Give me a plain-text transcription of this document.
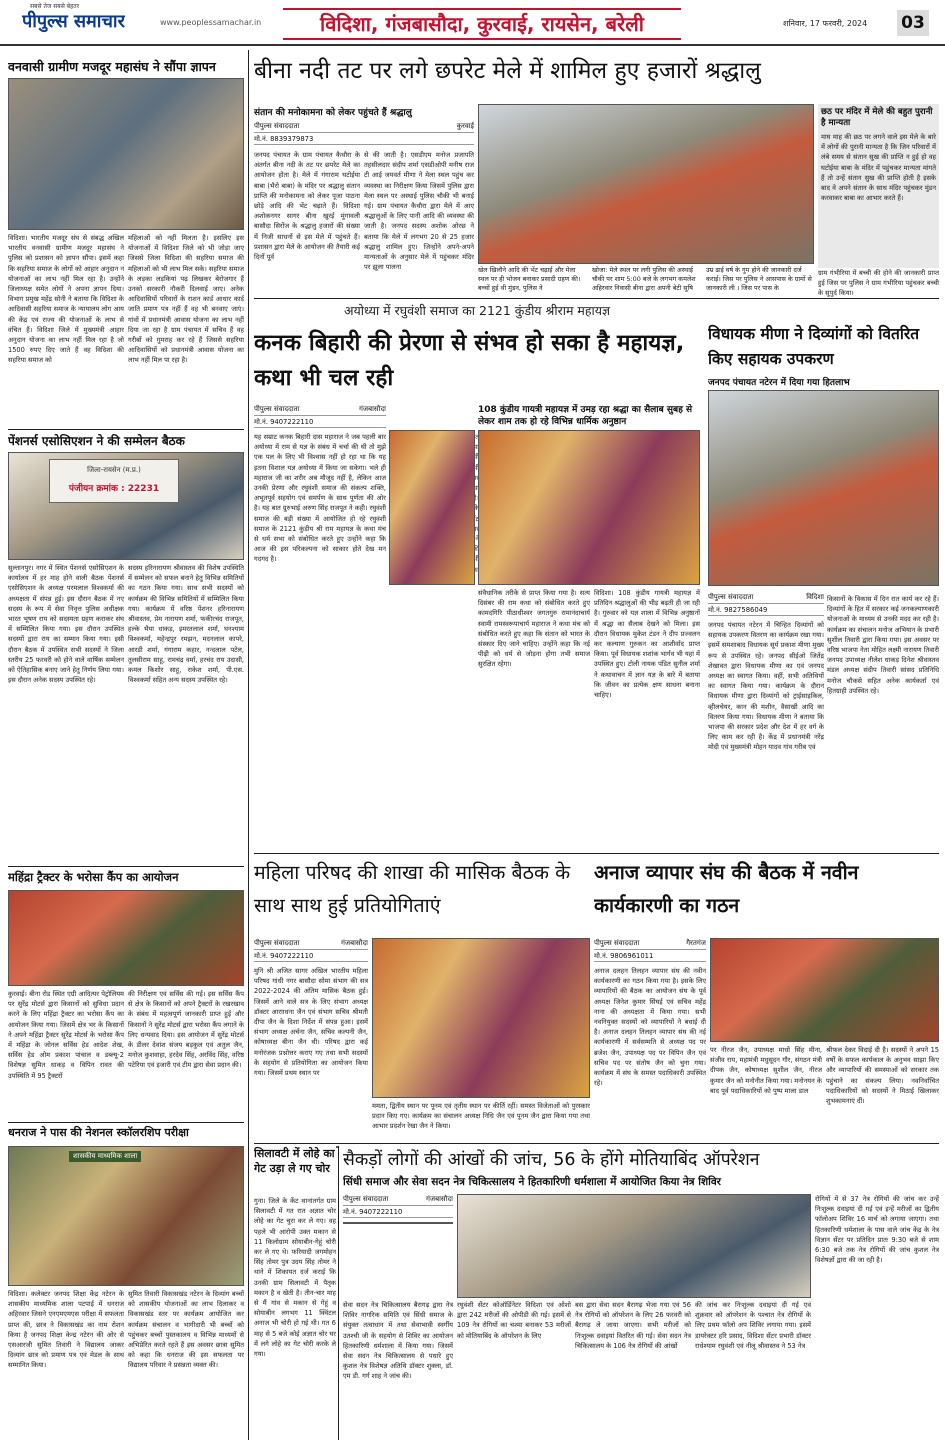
सबसे तेज सबसे बेहतर
पीपुल्स समाचार	www.peoplessamachar.in	विदिशा, गंजबासौदा, कुरवाई, रायसेन, बरेली	शनिवार, 17 फरवरी, 2024 03
वनवासी ग्रामीण मजदूर महासंघ ने सौंपा ज्ञापन
विदिशा। भारतीय मजदूर संघ से संबद्ध अखिल भारतीय वनवासी ग्रामीण मजदूर महासंघ ने पुलिस को प्रशासन को ज्ञापन सौंपा। इसमें कहा कि सहरिया समाज के लोगों को आहार अनुदान न योजनाओं का लाभ नहीं मिल रहा है। उन्होंने जिलाध्यक्ष समेत लोगों ने अपना ज्ञापन दिया। विभाग प्रमुख महेंद्र सोनी ने बताया कि विदिशा के आदिवासी सहरिया समाज के न्यायालय लोग आय की केंद्र एवं राज्य की योजनाओं के लाभ से वंचित हैं। विदिशा जिले में मुख्यमंत्री आहार अनुदान योजना का लाभ नहीं मिल रहा है जो 1500 रुपए दिए जाते हैं वह विदिशा की सहरिया समाज को
महिलाओं को नहीं मिलता है। इसलिए इस योजनाओं में विदिशा जिले को भी जोड़ा जाए जिससे जिला विदिशा की सहरिया समाज की महिलाओं को भी लाभ मिल सके। सहरिया समाज के लड़का लड़कियां पढ़ लिखकर बेरोजगार हैं उनको सरकारी नौकरी दिलवाई जाए। अनेक आदिवासियों परिवारों के राशन कार्ड आधार कार्ड जाति प्रमाण पत्र नहीं हैं वह भी बनवाए जाएं। गांवों में प्रधानमंत्री आवास योजना का लाभ नहीं दिया जा रहा है ग्राम पंचायत में सचिव हैं वह गरीबों को गुमराह कर रहे हैं जिससे सहरिया आदिवासियों को प्रधानमंत्री आवास योजना का लाभ नहीं मिल पा रहा है।
पेंशनर्स एसोसिएशन ने की सम्मेलन बैठक
जिला-रायसेन (म.प्र.)
पंजीयन क्रमांक : 22231
सुल्तानपुर। नगर में स्थित पेंशनर्स एसोसिएशन के कार्यालय में हर माह होने वाली बैठक पेंशनर्स एसोसिएशन के अध्यक्ष परमलाल विश्वकर्मा की अध्यक्षता में संपन्न हुई। इस दौरान बैठक में नए सदस्य के रूप में सेवा निवृत्त पुलिस अधीक्षक भारत भूषण राय को सदस्यता ग्रहण कराकर संघ में सम्मिलित किया गया। इस दौरान उपस्थित सदस्यों द्वारा राय का सम्मान किया गया। इसी दौरान बैठक में उपस्थित सभी सदस्यों ने जिला स्तरीय 25 फरवरी को होने वाले वार्षिक सम्मेलन को ऐतिहासिक बनाए जाने हेतु निर्णय लिया गया। इस दौरान अनेक सदस्य उपस्थित रहे।
सदस्य हरिनारायण श्रीवास्तव की विशेष उपस्थिति में सम्मेलन को सफल बनाने हेतु विभिन्न समितियों का गठन किया गया। साथ सभी सदस्यों को कार्यक्रम की विभिन्न समितियों में सम्मिलित किया गया। कार्यक्रम में वरिष्ठ पेंशनर हरिनारायण श्रीवास्तव, प्रेम नारायण शर्मा, फकीरचंद राजपूत, हल्के भैया धाकड़, इमरतलाल शर्मा, घनश्याम विश्वकर्मा, महेन्द्रपुर रमझन, मदनलाल कापरे, आरडी शर्मा, गंगाराम कहार, नन्दलाल पटेल, तुलसीराम साहू, रामचंद्र वर्मा, हरचंद राय उदासी, कमल किशोर साहू, राकेश शर्मा, पी.एस. विश्वकर्मा सहित अन्य सदस्य उपस्थित रहे।
महिंद्रा ट्रैक्टर के भरोसा कैंप का आयोजन
कुरवाई। बीना रोड स्थित एग्री आदित्यर पेट्रोलियम पर सुरेंद्र मोटर्स द्वारा किसानों को सुविधा प्रदान करने के लिए महिंद्रा ट्रैक्टर का भरोसा कैंप का आयोजन किया गया। जिसमें क्षेत्र भर के किसानों ने अपने महिंद्रा ट्रैक्टर सुरेंद्र मोटर्स के भरोसा कैंप में महिंद्रा के जोनल सर्विस हेड आदेश शेख, सर्विस हेड ओम प्रकाश पांचाल व डब्ल्यू-2 विशेषज्ञ सुमित धाकड़ व विपिन रावत की उपस्थिति में 95 ट्रैक्टरों
की निरीक्षण एवं सर्विस की गई। इस सर्विस कैंप से क्षेत्र के किसानों को अपने ट्रैक्टरों के रखरखाव के संबंध में महत्वपूर्ण जानकारी प्राप्त हुई और किसानों ने सुरेंद्र मोटर्स द्वारा भरोसा कैंप लगाने के लिए धन्यवाद दिया। इस आयोजन में सुरेंद्र मोटर्स के डीलर देवांश संजय बड़कुल एवं अतुल जैन, मनोज कुशवाहा, हरदेव सिंह, अरविंद सिंह, वरिष्ठ पटेरिया एवं इजारी एवं टीम द्वारा सेवा प्रदान की।
धनराज ने पास की नेशनल स्कॉलरशिप परीक्षा
शासकीय माध्यमिक शाला
विदिशा। कलेक्टर जनपद शिक्षा केंद्र नटेरन के शासकीय माध्यमिक शाला पटपाई में धनराज अहिरवार जिसने एनएमएमएस परीक्षा में सफलता प्राप्त की, छात्र ने विकासखंड का नाम रोशन किया है जनपद शिक्षा केन्द्र नटेरन की ओर से एसआरजी सुमित तिवारी ने विद्यालय जाकर दिव्यांग छात्र को प्रमाण पत्र एवं मेडल के साथ सम्मानित किया।
सुमित तिवारी विकासखंड नटेरन के दिव्यांग बच्चों को शासकीय योजनाओं का लाभ दिलाकर व विकासखंड स्तर पर कार्यक्रम आयोजित कर कार्यक्रम संचालन व भागीदारी भी बच्चों को पहुंचकर बच्चों पुस्तकालय व विभिन्न माध्यमों से अभिप्रेरित करते रहते हैं इस अवसर छात्रा सुमित को कहा कि धनराज की इस सफलता पर विद्यालय परिवार ने प्रसन्नता व्यक्त की।
बीना नदी तट पर लगे छपरेट मेले में शामिल हुए हजारों श्रद्धालु
संतान की मनोकामना को लेकर पहुंचते हैं श्रद्धालु
पीपुल्स संवाददाता	कुरवाई
मो.नं. 8839379873
जनपद पंचायत के ग्राम पंचायत कैथौरा के अंतर्गत बीना नदी के तट पर छपरेट मेले का आयोजन होता है। मेले में गंगाराम घटोईया बाबा (भैरो बाबा) के मंदिर पर श्रद्धालु संतान प्राप्ति की मनोकामना को लेकर पूजा पाठना छोड़े आदि की भेंट चढ़ाते हैं। विदिशा अशोकनगर सागर बीना खुरई मुंगावली बासौदा सिरोंज के श्रद्धालु हजारों की संख्या में निजी साधनों से इस मेले में पहुंचते हैं। प्रशासन द्वारा मेले के आयोजन की तैयारी कई दिनों पूर्व
से की जाती है। एसडीएम मनोज प्रजापति तहसीलदार संदीप शर्मा एसडीओपी मनीष राज टी आई जयवर्त मीणा ने मेला स्थल पहुंच कर व्यवस्था का निरीक्षण किया जिसमें पुलिस द्वारा मेला स्थल पर अस्थाई पुलिस चौकी भी बनाई गई। ग्राम पंचायत कैथौरा द्वारा मेले में आए श्रद्धालुओं के लिए पानी आदि की व्यवस्था की जाती है। जनपद सदस्य अशोक ओरछ ने बताया कि मेले में लगभग 20 से 25 हजार श्रद्धालु शामिल हुए। जिन्होंने अपने-अपने मान्यताओं के अनुसार मेले में पहुंचकर मंदिर पर झूला पालना	खेल खिलौने आदि की भेंट चढ़ाई और मेला स्थल पर ही भोजन बनाकर प्रसादी ग्रहण की। बच्चों हुई थी मुंडन, पुलिस ने
खोजा: मेले स्थल पर लगी पुलिस की अस्थाई चौकी पर शाम 5:00 बजे के लगभग कमलेश अहिरवार निवासी बीना द्वारा अपनी बेटी सुषि
उम्र ढाई वर्ष के गुम होने की जानकारी दर्ज कराई। जिस पर पुलिस ने आसपास के ग्रामों से जानकारी ली । जिस पर पास के
छठ पर मंदिर में मेले की बहुत पुरानी है मान्यता
माघ माह की छठ पर लगने वाले इस मेले के बारे में लोगों की पुरानी मान्यता है कि जिन परिवारों में लंबे समय से संतान सुख की प्राप्ति न हुई हो वह घटोईया बाबा के मंदिर में पहुंचकर मान्यता मांगते हैं तो उन्हें संतान सुख की प्राप्ति होती है इसके बाद वे अपने संतान के साथ मंदिर पहुंचकर मुंडन करवाकर बाबा का आभार करते हैं।
ग्राम गंभीरिया में बच्ची की होने की जानकारी प्राप्त हुई जिस पर पुलिस ने ग्राम गंभीरिया पहुंचकर बच्ची के सुपुर्द किया।
अयोध्या में रघुवंशी समाज का 2121 कुंडीय श्रीराम महायज्ञ
कनक बिहारी की प्रेरणा से संभव हो सका है महायज्ञ, कथा भी चल रही
पीपुल्स संवाददाता	गंजबासौदा
मो.नं. 9407222110
यह सम्राट कनक बिहारी दास महाराज ने जब पहली बार अयोध्या में राम से यज्ञ के संबंध में चर्चा की थी तो मुझे एक पल के लिए भी विश्वास नहीं हो रहा था कि यह इतना विशाल यज्ञ अयोध्या में किया जा सकेगा। भले ही महाराज जी का शरीर अब मौजूद नहीं है, लेकिन आज उनकी प्रेरणा और रघुवंशी समाज की संकल्प शक्ति, अभूतपूर्व सहयोग एवं समर्पण के साथ पूर्णता की ओर है। यह बात ग्रुरुभाई अरुण सिंह राजपूत ने कही। रघुवंशी समाज की बड़ी संख्या में आयोजित हो रहे रघुवंशी समाज के 2121 कुंडीय श्री राम महायज्ञ के कथा मंच से धर्म सभा को संबोधित करते हुए उन्होंने कहा कि आज की इस परिकल्पना को साकार होते देख मन गदगद है।
के भेंट की का
108 कुंडीय गायत्री महायज्ञ में उमड़ रहा श्रद्धा का सैलाब सुबह से लेकर शाम तक हो रहे विभिन्न धार्मिक अनुष्ठान
संवैधानिक तरीके से प्राप्त किया गया है। सत्य दिसंबर की राम कथा को संबोधित करते हुए कामदगिरि पीठाधीश्वर जगतगुरु रामानंदाचार्य स्वामी रामस्वरूपाचार्य महाराज ने कथा मंच को संबोधित करते हुए कहा कि संतान को भारत के संस्कार दिए जाने चाहिए। उन्होंने कहा कि नई पीढ़ी को धर्म से जोड़ना होगा तभी समाज सुरक्षित रहेगा।
विदिशा। 108 कुंडीय गायत्री महायज्ञ में प्रतिदिन श्रद्धालुओं की भीड़ बढ़ती ही जा रही है। गुरुवार को यज्ञ शाला में विभिन्न अनुष्ठानों में श्रद्धा का सैलाब देखने को मिला। इस दौरान विधायक मुकेश टंडन ने दीप प्रज्वलन कर कल्याण गुरुकन का आशीर्वाद प्राप्त किया। पूर्व विधायक शशांक भार्गव भी यहां में उपस्थित हुए। टोली नायक पंडित सुनील शर्मा ने कथावाचन में ज्ञान यज्ञ के बारे में बताया कि जीवन का प्रत्येक क्षण साधना बनाना चाहिए।
विधायक मीणा ने दिव्यांगों को वितरित किए सहायक उपकरण
जनपद पंचायत नटेरन में दिया गया हितलाभ
पीपुल्स संवाददाता	विदिशा
मो.नं. 9827586049
जनपद पंचायत नटेरन में चिन्हित दिव्यांगों को सहायक उपकरण वितरण का कार्यक्रम रखा गया। इसमें समशाबाद विधायक सूर्य प्रकाश मीणा मुख्य रूप से उपस्थित रहे। जनपद सीईओ जितेंद्र शेखावत द्वारा विधायक मीणा का एवं जनपद अध्यक्ष का स्वागत किया। वहीं, सभी अतिथियों का स्वागत किया गया। कार्यक्रम के दौरान विधायक मीणा द्वारा दिव्यांगों को ट्राईसाइकिल, व्हीलचेयर, कान की मशीन, वैसाखी आदि का वितरण किया गया। विधायक मीणा ने बताया कि भाजपा की सरकार प्रदेश और देश में हर वर्ग के लिए काम कर रही है। केंद्र में प्रधानमंत्री नरेंद्र मोदी एवं मुख्यमंत्री मोहन यादव गांव गरीब एवं
किसानों के विकास में दिन रात कार्य कर रहे हैं। दिव्यांगों के हित में सरकार कई जनकल्याणकारी योजनाओं के माध्यम से उनकी मदद कर रही है। कार्यक्रम का संचालन मनोज अभियान के प्रभारी सुशील तिवारी द्वारा किया गया। इस अवसर पर वरिष्ठ भाजपा नेता मोहित लक्ष्मी नारायण तिवारी जनपद उपाध्यक्ष नीलेश धाकड़ दिनेश श्रीवास्तव मंडल अध्यक्ष संदीप तिवारी सांसद प्रतिनिधि मनोज चौकसे सहित अनेक कार्यकर्ता एवं हितग्राही उपस्थित रहे।
महिला परिषद की शाखा की मासिक बैठक के साथ साथ हुई प्रतियोगिताएं
पीपुल्स संवाददाता	गंजबासौदा
मो.नं. 9407222110
मुनि श्री अजित सागर अखिल भारतीय महिला परिषद गांधी नगर बासौदा सोमा संभाग की सत्र 2022-2024 की अंतिम मासिक बैठक हुई। जिसमें आने वाले सत्र के लिए संभाग अध्यक्ष डॉक्टर आरााधना जैन एवं संभाग सचिव श्रीमती दीपा जैन के दिशा निर्देश में संपन्न हुआ। इसमें संभाग अध्यक्ष अर्चना जैन, सचिव कल्पनी जैन, कोषाध्यक्ष बीना जैन थी। परिषद द्वारा कई मनोरंजक प्रश्नोत्तर कराए गए तथा सभी सदस्यों के सहयोग से प्रतियोगिता का आयोजन किया गया। जिसमें प्रथम स्थान पर
ममता, द्वितीय स्थान पर पूनम एवं तृतीय स्थान पर कीर्ति रहीं। समस्त विजेताओं को पुरस्कार प्रदान किए गए। कार्यक्रम का संचालन अध्यक्ष निधि जैन एवं पूनम जैन द्वारा किया गया तथा आभार प्रदर्शन रेखा जैन ने किया।
अनाज व्यापार संघ की बैठक में नवीन कार्यकारणी का गठन
पीपुल्स संवाददाता	गैरतगंज
मो.नं. 9806961011
अनाज दलहन तिलहन व्यापार संघ की नवीन कार्यकारणी का गठन किया गया है। इसके लिए व्यापारियों की बैठक का आयोजन संघ के पूर्व अध्यक्ष जिनेश कुमार सिंघई एवं सचिव महेंद्र नाना की अध्यक्षता में किया गया। सभी नवनियुक्त सदस्यों को व्यापारियों ने बधाई दी है। अनाज दलहन तिलहन व्यापार संघ की नई कार्यकारणी में सर्वसम्मति से अध्यक्ष पद पर ब्रजेश जैन, उपाध्यक्ष पद पर विपिन जैन एवं सचिव पद पर संतोष जैन को चुना गया। कार्यक्रम में संघ के समस्त पदाधिकारी उपस्थित रहे।
पर नीरज जैन, उपाध्यक्ष माधो सिंह मीना, संजीव राय, महामंत्री मधुसूदन गौर, संगठन मंत्री दीपक जैन, कोषाध्यक्ष सुशील जैन, नीरज कुमार जैन को मनोनीत किया गया। मनोनयन के बाद पूर्व पदाधिकारियों को पुष्प माला डाल
श्रीफल देकर विदाई दी है। सदस्यों ने अपने 15 वर्षों के सफल कार्यकाल के अनुभव साझा किए और व्यापारियों की समस्याओं को सरकार तक पहुंचाने का संकल्प लिया। नवनिर्वाचित पदाधिकारियों को सदस्यों ने मिठाई खिलाकर शुभकामनाएं दीं।
सिलावटी में लोहे का गेट उड़ा ले गए चोर
गुना। जिले के केंट थानांतर्गत ग्राम सिलावटी में गत रात अज्ञात चोर लोहे का गेट चुरा कर ले गए। वह पहले भी आरोपी उक्त मकान से 11 किलोग्राम सोयाबीन-गेहूं चोरी कर ले गए थे। फरियादी जगमोहन सिंह तोमर पुत्र उदय सिंह तोमर ने थाने में शिकायत दर्ज कराई कि उनकी ग्राम सिलावटी में पैतृक मकान है व खेती है। तीन-चार माह से मैं गांव से मकान से गेहूं व सोयाबीन लगभग 11 क्विंटल अनाज भी चोरी हो गई थी। गत 6 माह से 5 बजे कोई अज्ञात चोर घर में लगे लोहे का गेट चोरी करके ले गया।
सैकड़ों लोगों की आंखों की जांच, 56 के होंगे मोतियाबिंद ऑपरेशन
सिंधी समाज और सेवा सदन नेत्र चिकित्सालय ने हितकारिणी धर्मशाला में आयोजित किया नेत्र शिविर
पीपुल्स संवाददाता	गंजबासौदा
मो.नं. 9407222110
सेवा सदन नेत्र चिकित्सालय बैरागढ़ द्वारा नेत्र शिविर नागरिक समिति एवं सिंधी समाज के संयुक्त तत्वाधान में तथा सेवाभावी स्वर्गीय उतश्ची जी के सहयोग से शिविर का आयोजन हितकारिणी धर्मशाला में किया गया। जिसमें सेवा सदन नेत्र चिकित्सालय से पधारे हुए कुशल नेत्र विशेषज्ञ अतिथि डॉक्टर शुक्ला, डॉ. एम डी. गर्ग शाह ने जांच की।
रघुवंशी सेंटर कोऑर्डिनेटर विदिशा एवं ओशो द्वारा 242 मरीजों की ओपीडी की गई। इसमें से 109 नेत्र रोगियों का चश्मा बनाकर 53 मरीजों को मोतियाबिंद के ऑपरेशन के लिए
बस द्वारा सेवा सदन बैरागढ़ भेजा गया एवं 56 नेत्र रोगियों को ऑपरेशन के लिए 26 फरवरी को बैरागढ़ ले जाया जाएगा। सभी मरीजों को निःशुल्क दवाइयां वितरित की गई। सेवा सदन नेत्र चिकित्सालय के 106 नेत्र रोगियों की आंखों
की जांच कर निःशुल्क दवाइयां दी गई एवं शुक्रवार को ऑपरेशन के पश्चात नेत्र रोगियों के लिए प्रथम फॉलो अप शिविर लगाया गया। इसमें डायरेक्टर हरि प्रसाद, विदिशा सेंटर प्रभारी डॉक्टर राधेश्याम रघुवंशी एवं नीलू श्रीवास्तव ने 53 नेत्र
रोगियों में से 37 नेत्र रोगियों की जांच कर उन्हें निःशुल्क दवाइयां दी गई एवं इन्हें मरीजों का द्वितीय फॉलोअप शिविर 16 मार्च को लगाया जाएगा। तथा हितकारिणी धर्मशाला के पास वाले जांच केंद्र के नेत्र विज्ञान सेंटर पर प्रतिदिन प्रातः 9:30 बजे से शाम 6:30 बजे तक नेत्र रोगियों की जांच कुशल नेत्र विशेषज्ञों द्वारा की जा रही है।
